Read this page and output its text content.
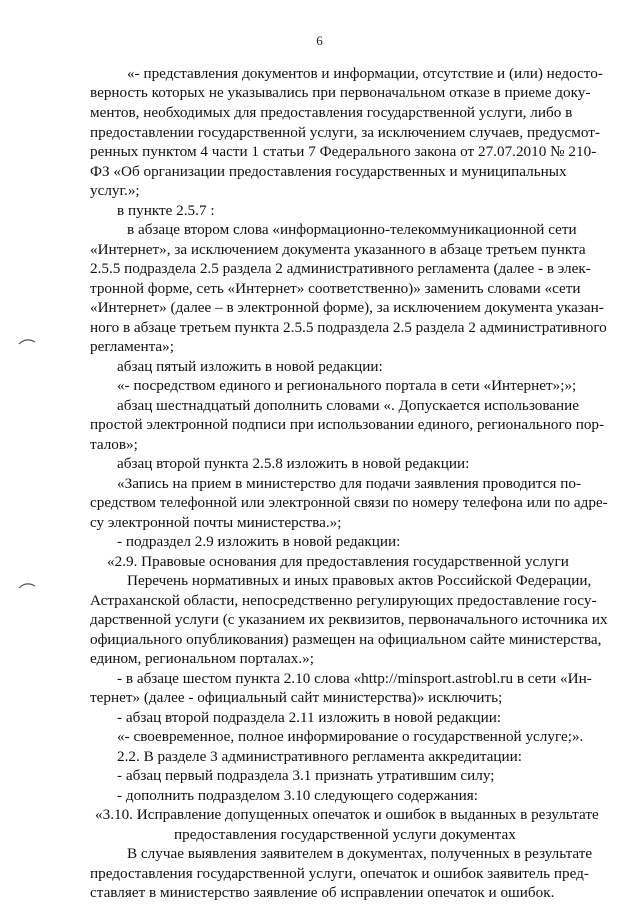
6

«- представления документов и информации, отсутствие и (или) недосто-

верность которых не указывались при первоначальном отказе в приеме доку-

ментов, необходимых для предоставления государственной услуги, либо в

предоставлении государственной услуги, за исключением случаев, предусмот-

ренных пунктом 4 части 1 статьи 7 Федерального закона от 27.07.2010 № 210-

ФЗ «Об организации предоставления государственных и муниципальных

услуг.»;

в пункте 2.5.7 :

в абзаце втором слова «информационно-телекоммуникационной сети

«Интернет», за исключением документа указанного в абзаце третьем пункта

2.5.5 подраздела 2.5 раздела 2 административного регламента (далее - в элек-

тронной форме, сеть «Интернет» соответственно)» заменить словами «сети

«Интернет» (далее – в электронной форме), за исключением документа указан-

ного в абзаце третьем пункта 2.5.5 подраздела 2.5 раздела 2 административного

регламента»;

абзац пятый изложить в новой редакции:

«- посредством единого и регионального портала в сети «Интернет»;»;

абзац шестнадцатый дополнить словами «. Допускается использование

простой электронной подписи при использовании единого, регионального пор-

талов»;

абзац второй пункта 2.5.8 изложить в новой редакции:

«Запись на прием в министерство для подачи заявления проводится по-

средством телефонной или электронной связи по номеру телефона или по адре-

су электронной почты министерства.»;

- подраздел 2.9 изложить в новой редакции:

«2.9. Правовые основания для предоставления государственной услуги

Перечень нормативных и иных правовых актов Российской Федерации,

Астраханской области, непосредственно регулирующих предоставление госу-

дарственной услуги (с указанием их реквизитов, первоначального источника их

официального опубликования) размещен на официальном сайте министерства,

едином, региональном порталах.»;

- в абзаце шестом пункта 2.10 слова «http://minsport.astrobl.ru в сети «Ин-

тернет» (далее - официальный сайт министерства)» исключить;

- абзац второй подраздела 2.11 изложить в новой редакции:

«- своевременное, полное информирование о государственной услуге;».

2.2. В разделе 3 административного регламента аккредитации:

- абзац первый подраздела 3.1 признать утратившим силу;

- дополнить подразделом 3.10 следующего содержания:

«3.10. Исправление допущенных опечаток и ошибок в выданных в результате

предоставления государственной услуги документах

В случае выявления заявителем в документах, полученных в результате

предоставления государственной услуги, опечаток и ошибок заявитель пред-

ставляет в министерство заявление об исправлении опечаток и ошибок.
